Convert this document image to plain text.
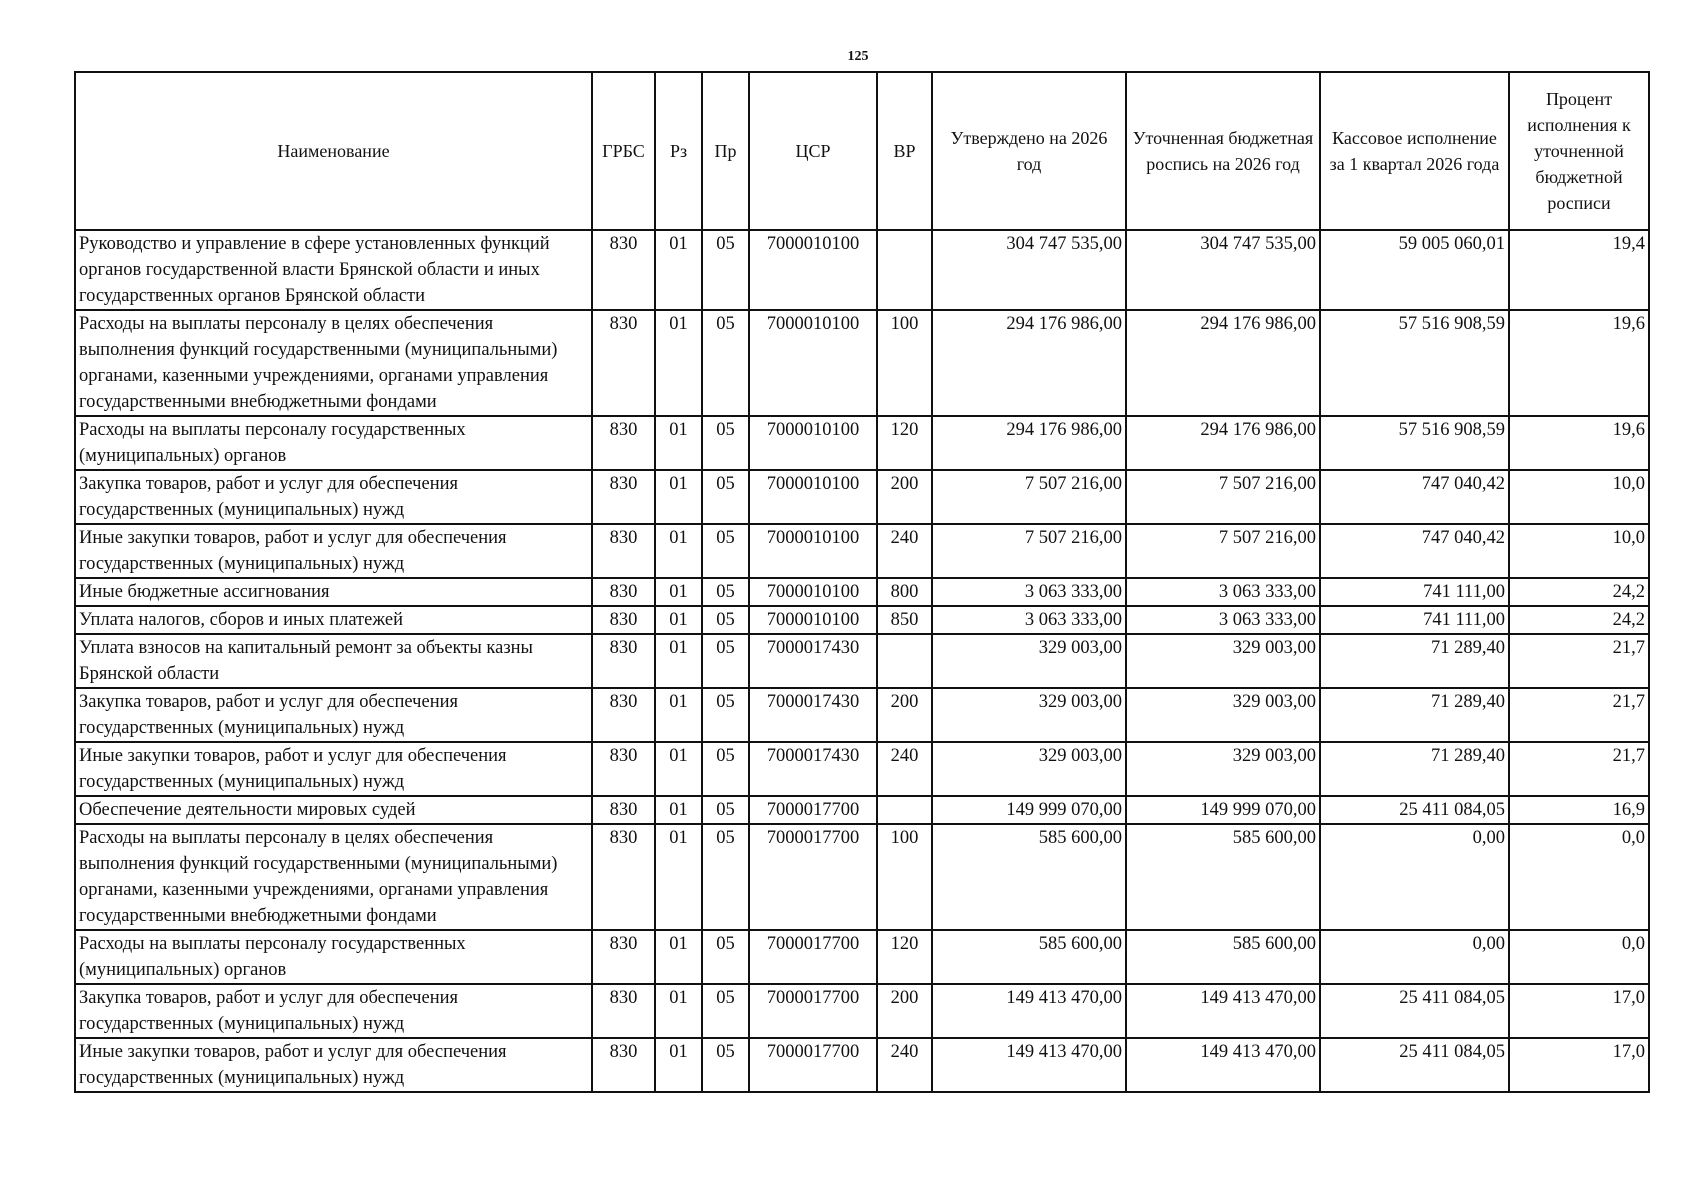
125
Наименование	ГРБС	Рз	Пр	ЦСР	ВР	Утверждено на 2026 год	Уточненная бюджетная роспись на 2026 год	Кассовое исполнение за 1 квартал 2026 года	Процент исполнения к уточненной бюджетной росписи
Руководство и управление в сфере установленных функций органов государственной власти Брянской области и иных государственных органов Брянской области	830	01	05	7000010100		304 747 535,00	304 747 535,00	59 005 060,01	19,4
Расходы на выплаты персоналу в целях обеспечения выполнения функций государственными (муниципальными) органами, казенными учреждениями, органами управления государственными внебюджетными фондами	830	01	05	7000010100	100	294 176 986,00	294 176 986,00	57 516 908,59	19,6
Расходы на выплаты персоналу государственных (муниципальных) органов	830	01	05	7000010100	120	294 176 986,00	294 176 986,00	57 516 908,59	19,6
Закупка товаров, работ и услуг для обеспечения государственных (муниципальных) нужд	830	01	05	7000010100	200	7 507 216,00	7 507 216,00	747 040,42	10,0
Иные закупки товаров, работ и услуг для обеспечения государственных (муниципальных) нужд	830	01	05	7000010100	240	7 507 216,00	7 507 216,00	747 040,42	10,0
Иные бюджетные ассигнования	830	01	05	7000010100	800	3 063 333,00	3 063 333,00	741 111,00	24,2
Уплата налогов, сборов и иных платежей	830	01	05	7000010100	850	3 063 333,00	3 063 333,00	741 111,00	24,2
Уплата взносов на капитальный ремонт за объекты казны Брянской области	830	01	05	7000017430		329 003,00	329 003,00	71 289,40	21,7
Закупка товаров, работ и услуг для обеспечения государственных (муниципальных) нужд	830	01	05	7000017430	200	329 003,00	329 003,00	71 289,40	21,7
Иные закупки товаров, работ и услуг для обеспечения государственных (муниципальных) нужд	830	01	05	7000017430	240	329 003,00	329 003,00	71 289,40	21,7
Обеспечение деятельности мировых судей	830	01	05	7000017700		149 999 070,00	149 999 070,00	25 411 084,05	16,9
Расходы на выплаты персоналу в целях обеспечения выполнения функций государственными (муниципальными) органами, казенными учреждениями, органами управления государственными внебюджетными фондами	830	01	05	7000017700	100	585 600,00	585 600,00	0,00	0,0
Расходы на выплаты персоналу государственных (муниципальных) органов	830	01	05	7000017700	120	585 600,00	585 600,00	0,00	0,0
Закупка товаров, работ и услуг для обеспечения государственных (муниципальных) нужд	830	01	05	7000017700	200	149 413 470,00	149 413 470,00	25 411 084,05	17,0
Иные закупки товаров, работ и услуг для обеспечения государственных (муниципальных) нужд	830	01	05	7000017700	240	149 413 470,00	149 413 470,00	25 411 084,05	17,0
